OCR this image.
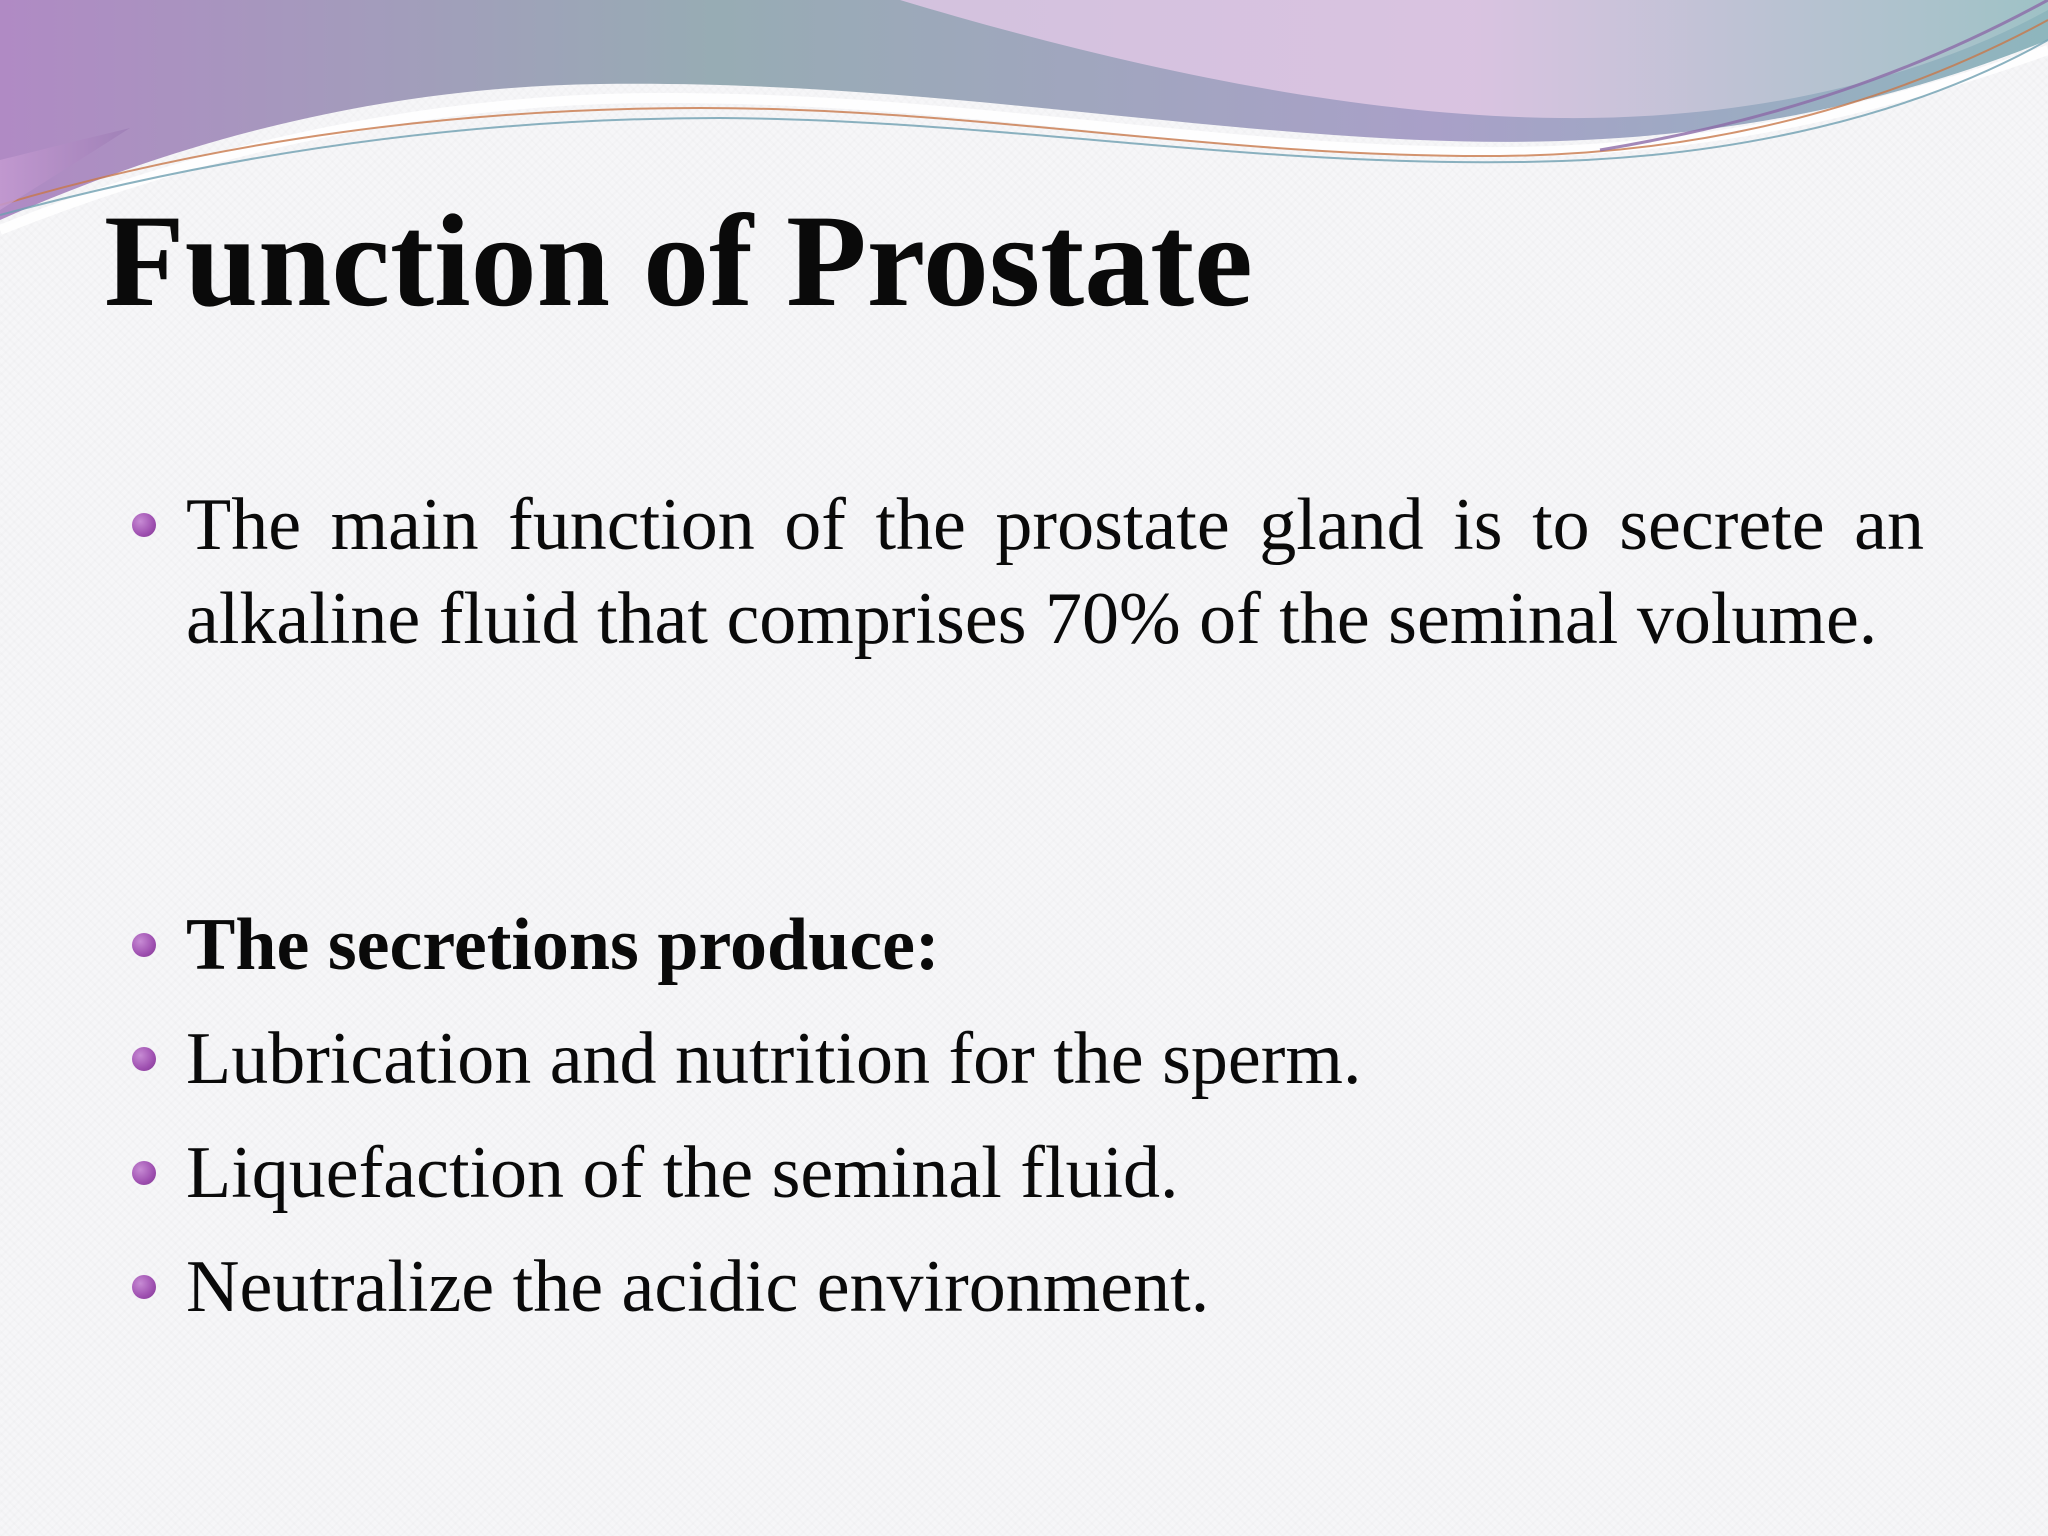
Function of Prostate
The main function of the prostate gland is to secrete an alkaline fluid that comprises 70% of the seminal volume.
The secretions produce:
Lubrication and nutrition for the sperm.
Liquefaction of the seminal fluid.
Neutralize the acidic environment.
